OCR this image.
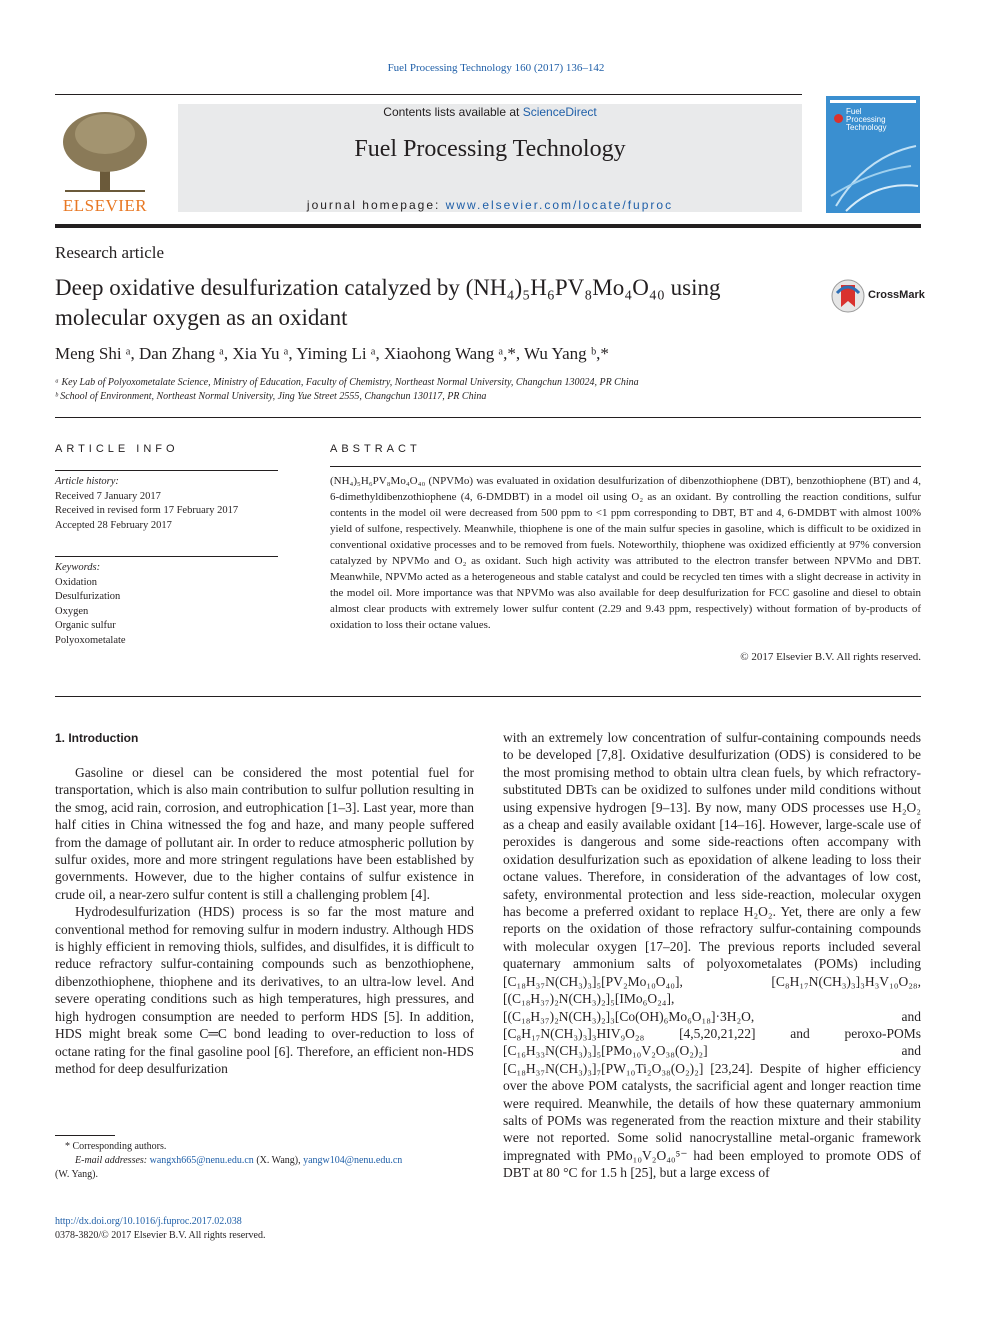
Fuel Processing Technology 160 (2017) 136–142
ELSEVIER
Contents lists available at ScienceDirect
Fuel Processing Technology
journal homepage: www.elsevier.com/locate/fuproc
Fuel
Processing
Technology
Research article
Deep oxidative desulfurization catalyzed by (NH₄)₅H₆PV₈Mo₄O₄₀ using
molecular oxygen as an oxidant
CrossMark
Meng Shi ᵃ, Dan Zhang ᵃ, Xia Yu ᵃ, Yiming Li ᵃ, Xiaohong Wang ᵃ,*, Wu Yang ᵇ,*
ᵃ Key Lab of Polyoxometalate Science, Ministry of Education, Faculty of Chemistry, Northeast Normal University, Changchun 130024, PR China
ᵇ School of Environment, Northeast Normal University, Jing Yue Street 2555, Changchun 130117, PR China
ARTICLE INFO
Article history:
Received 7 January 2017
Received in revised form 17 February 2017
Accepted 28 February 2017
Keywords:
Oxidation
Desulfurization
Oxygen
Organic sulfur
Polyoxometalate
ABSTRACT
(NH₄)₅H₆PV₈Mo₄O₄₀ (NPVMo) was evaluated in oxidation desulfurization of dibenzothiophene (DBT), benzothiophene (BT) and 4, 6-dimethyldibenzothiophene (4, 6-DMDBT) in a model oil using O₂ as an oxidant. By controlling the reaction conditions, sulfur contents in the model oil were decreased from 500 ppm to <1 ppm corresponding to DBT, BT and 4, 6-DMDBT with almost 100% yield of sulfone, respectively. Meanwhile, thiophene is one of the main sulfur species in gasoline, which is difficult to be oxidized in conventional oxidative processes and to be removed from fuels. Noteworthily, thiophene was oxidized efficiently at 97% conversion catalyzed by NPVMo and O₂ as oxidant. Such high activity was attributed to the electron transfer between NPVMo and DBT. Meanwhile, NPVMo acted as a heterogeneous and stable catalyst and could be recycled ten times with a slight decrease in activity in the model oil. More importance was that NPVMo was also available for deep desulfurization for FCC gasoline and diesel to obtain almost clear products with extremely lower sulfur content (2.29 and 9.43 ppm, respectively) without formation of by-products of oxidation to loss their octane values.
© 2017 Elsevier B.V. All rights reserved.
1. Introduction

Gasoline or diesel can be considered the most potential fuel for transportation, which is also main contribution to sulfur pollution resulting in the smog, acid rain, corrosion, and eutrophication [1–3]. Last year, more than half cities in China witnessed the fog and haze, and many people suffered from the damage of pollutant air. In order to reduce atmospheric pollution by sulfur oxides, more and more stringent regulations have been established by governments. However, due to the higher contains of sulfur existence in crude oil, a near-zero sulfur content is still a challenging problem [4].

Hydrodesulfurization (HDS) process is so far the most mature and conventional method for removing sulfur in modern industry. Although HDS is highly efficient in removing thiols, sulfides, and disulfides, it is difficult to reduce refractory sulfur-containing compounds such as benzothiophene, dibenzothiophene, thiophene and its derivatives, to an ultra-low level. And severe operating conditions such as high temperatures, high pressures, and high hydrogen consumption are needed to perform HDS [5]. In addition, HDS might break some C═C bond leading to over-reduction to loss of octane rating for the final gasoline pool [6]. Therefore, an efficient non-HDS method for deep desulfurization

with an extremely low concentration of sulfur-containing compounds needs to be developed [7,8]. Oxidative desulfurization (ODS) is considered to be the most promising method to obtain ultra clean fuels, by which refractory-substituted DBTs can be oxidized to sulfones under mild conditions without using expensive hydrogen [9–13]. By now, many ODS processes use H₂O₂ as a cheap and easily available oxidant [14–16]. However, large-scale use of peroxides is dangerous and some side-reactions often accompany with oxidation desulfurization such as epoxidation of alkene leading to loss their octane values. Therefore, in consideration of the advantages of low cost, safety, environmental protection and less side-reaction, molecular oxygen has become a preferred oxidant to replace H₂O₂. Yet, there are only a few reports on the oxidation of those refractory sulfur-containing compounds with molecular oxygen [17–20]. The previous reports included several quaternary ammonium salts of polyoxometalates (POMs) including [C₁₈H₃₇N(CH₃)₃]₅[PV₂Mo₁₀O₄₀], [C₈H₁₇N(CH₃)₃]₃H₃V₁₀O₂₈, [(C₁₈H₃₇)₂N(CH₃)₂]₅[IMo₆O₂₄], [(C₁₈H₃₇)₂N(CH₃)₂]₃[Co(OH)₆Mo₆O₁₈]·3H₂O, and [C₈H₁₇N(CH₃)₃]₃HIV₉O₂₈ [4,5,20,21,22] and peroxo-POMs [C₁₆H₃₃N(CH₃)₃]₅[PMo₁₀V₂O₃₈(O₂)₂] and [C₁₈H₃₇N(CH₃)₃]₇[PW₁₀Ti₂O₃₈(O₂)₂] [23,24]. Despite of higher efficiency over the above POM catalysts, the sacrificial agent and longer reaction time were required. Meanwhile, the details of how these quaternary ammonium salts of POMs was regenerated from the reaction mixture and their stability were not reported. Some solid nanocrystalline metal-organic framework impregnated with PMo₁₀V₂O₄₀⁵⁻ had been employed to promote ODS of DBT at 80 °C for 1.5 h [25], but a large excess of

* Corresponding authors.
E-mail addresses: wangxh665@nenu.edu.cn (X. Wang), yangw104@nenu.edu.cn
(W. Yang).
http://dx.doi.org/10.1016/j.fuproc.2017.02.038
0378-3820/© 2017 Elsevier B.V. All rights reserved.
